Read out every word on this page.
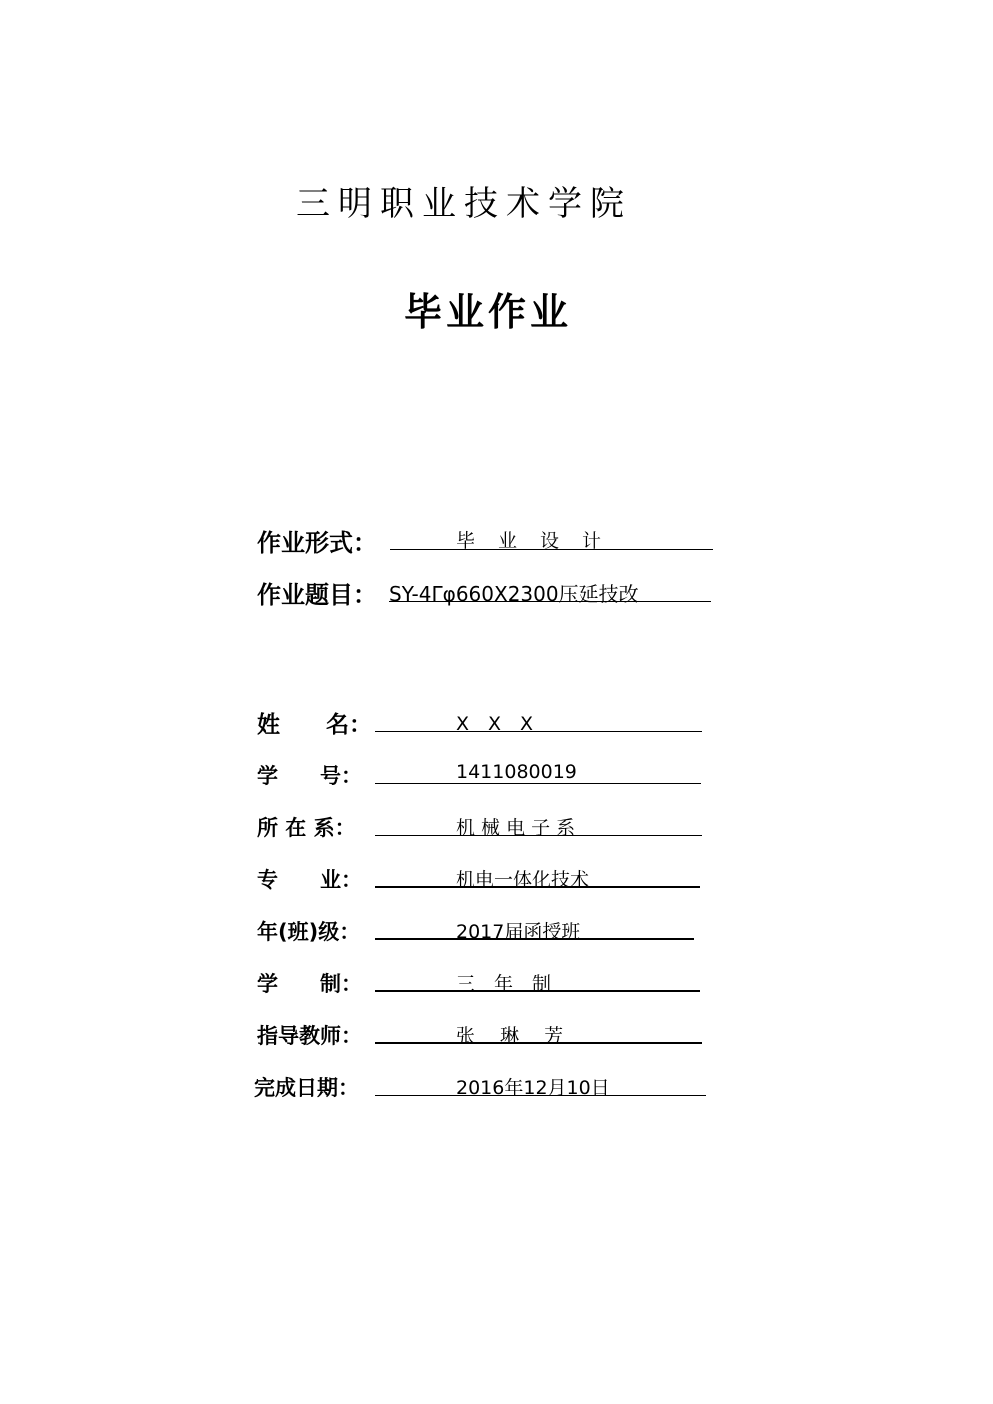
三明职业技术学院
毕业作业
作业形式：	毕　业　设　计
作业题目： SY-4Γφ660X2300压延技改
姓　　名：	X　X　X
学　　号：	1411080019
所 在 系：	机 械 电 子 系
专　　业：	机电一体化技术
年(班)级：	2017届函授班
学　　制：	三　年　制
指导教师：	张　 琳　 芳
完成日期：	2016年12月10日
